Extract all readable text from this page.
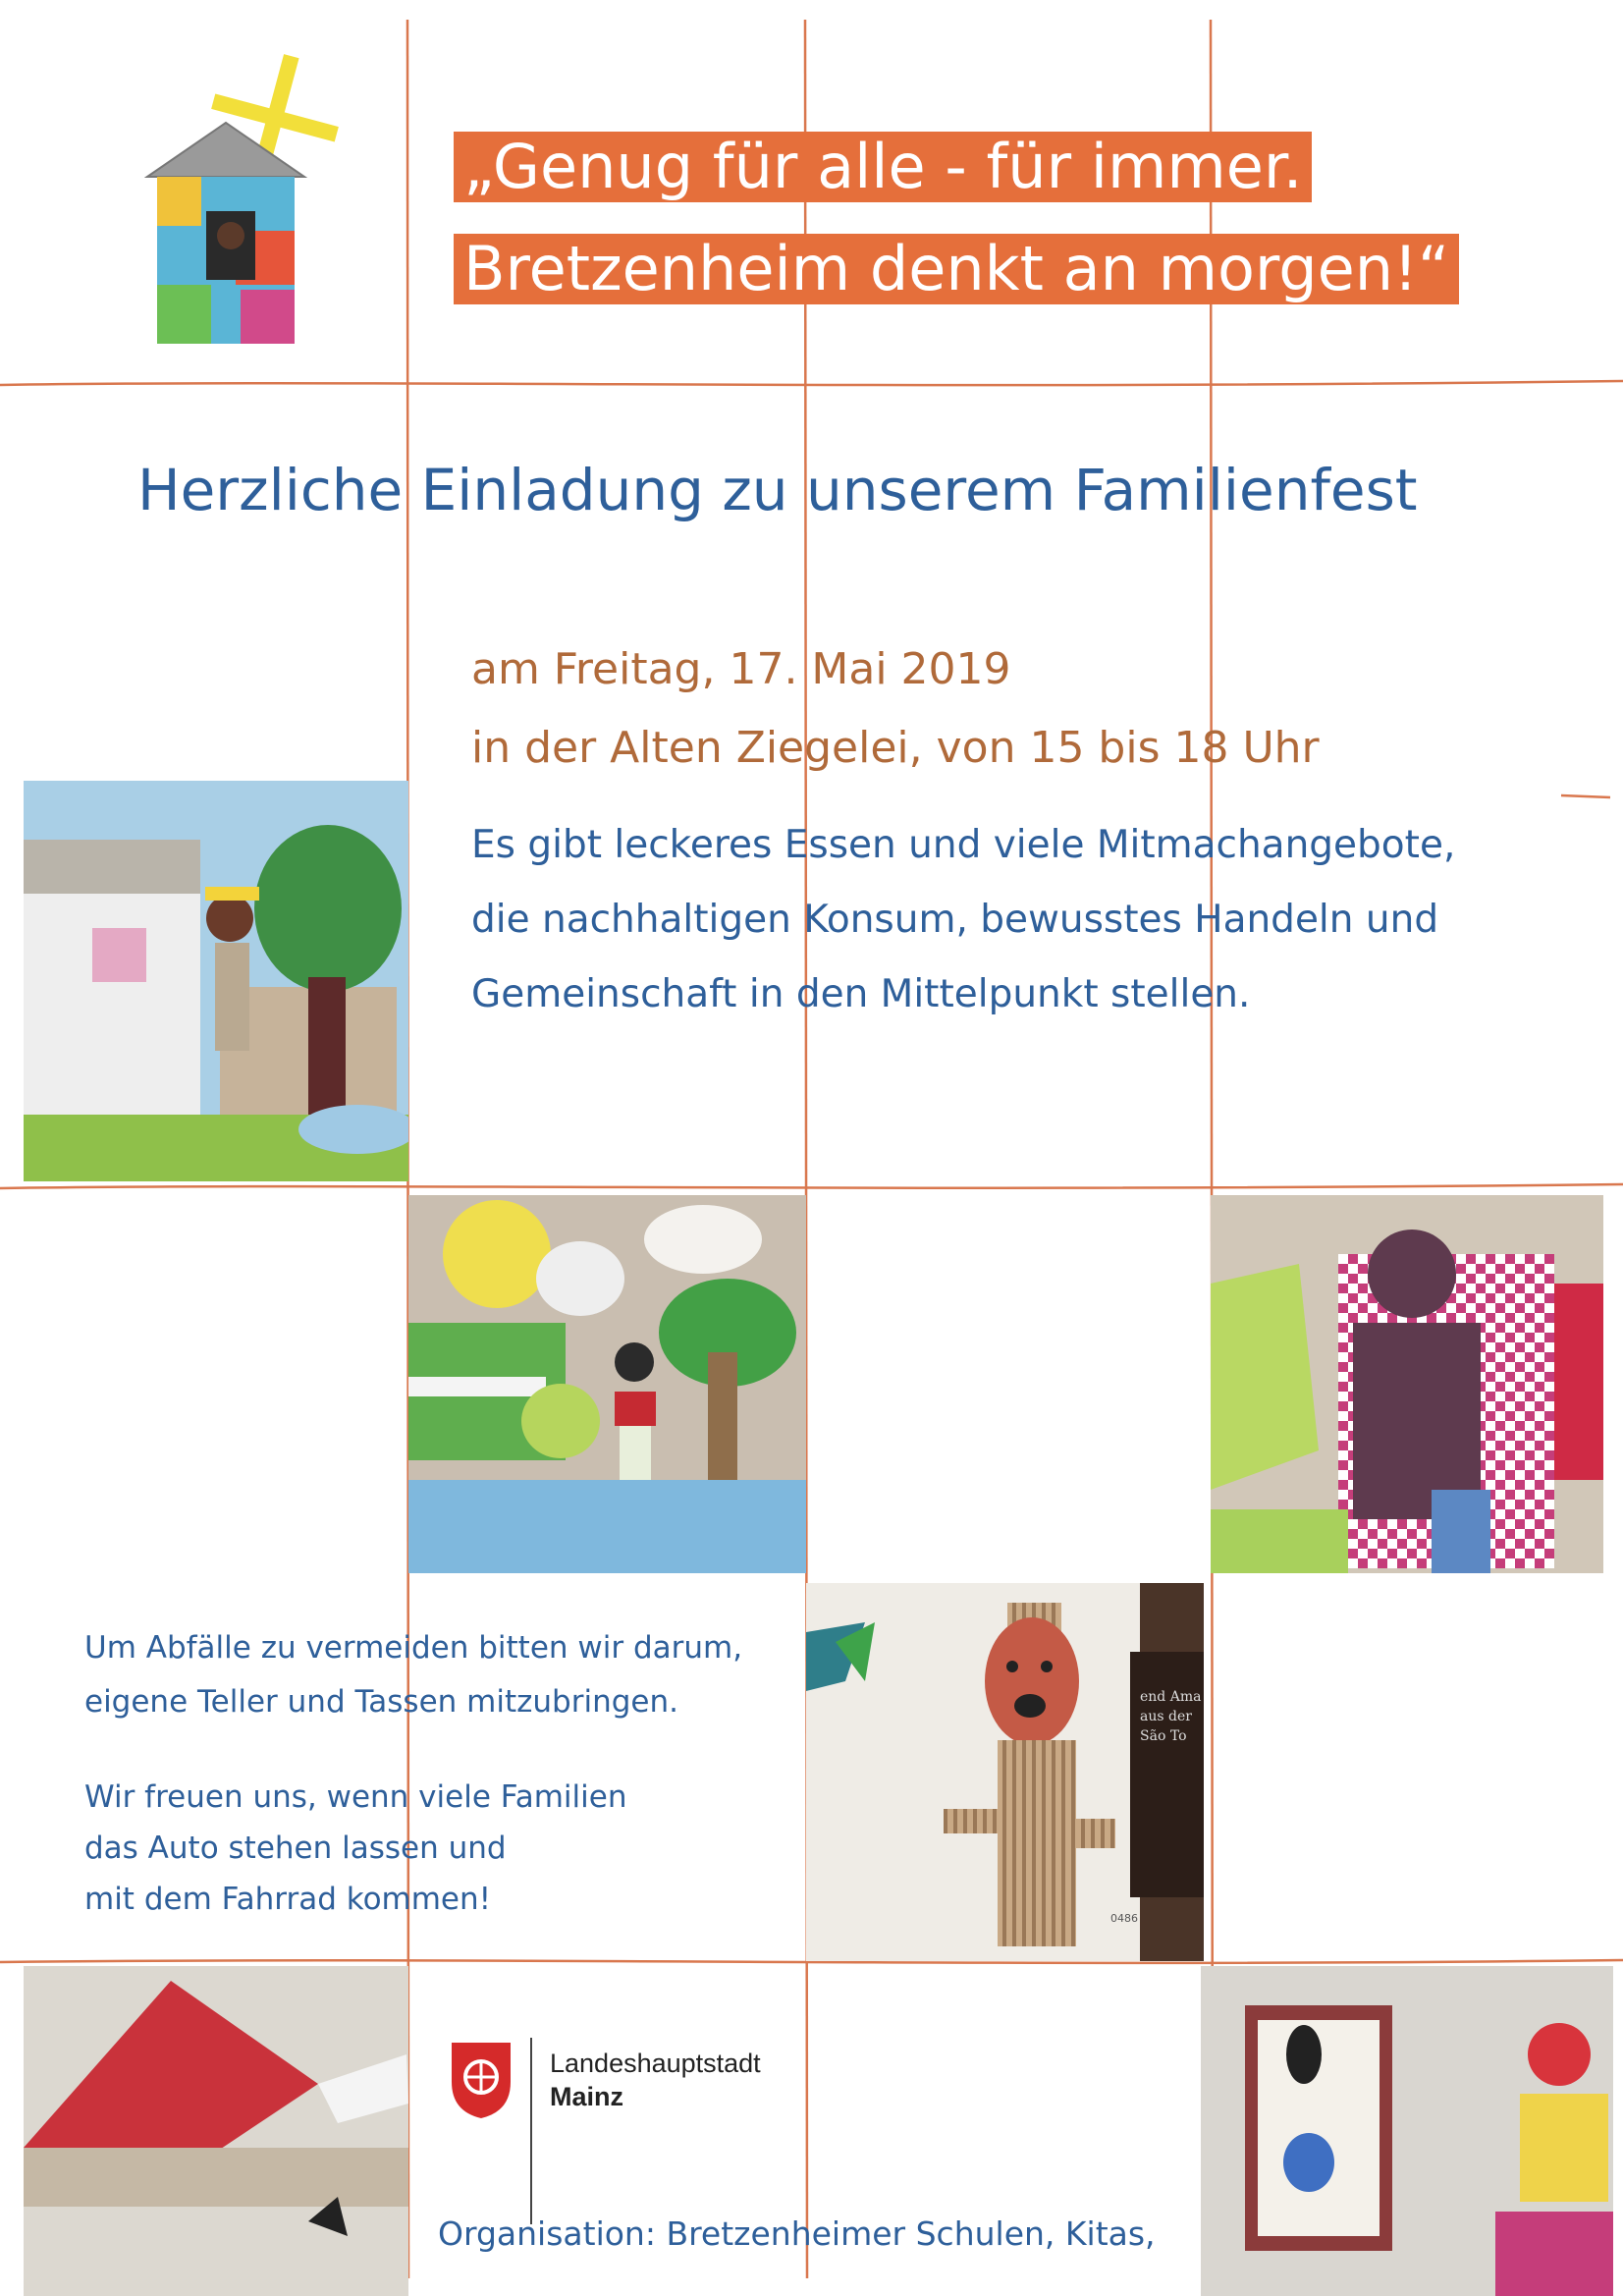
„Genug für alle - für immer.
Bretzenheim denkt an morgen!“
Herzliche Einladung zu unserem Familienfest
am Freitag, 17. Mai 2019
in der Alten Ziegelei, von 15 bis 18 Uhr
Es gibt leckeres Essen und viele Mitmachangebote,
die nachhaltigen Konsum, bewusstes Handeln und
Gemeinschaft in den Mittelpunkt stellen.
end Ama
aus der
São To
0486
Um Abfälle zu vermeiden bitten wir darum,
eigene Teller und Tassen mitzubringen.
Wir freuen uns, wenn viele Familien
das Auto stehen lassen und
mit dem Fahrrad kommen!
Landeshauptstadt
Mainz
Organisation: Bretzenheimer Schulen, Kitas,
